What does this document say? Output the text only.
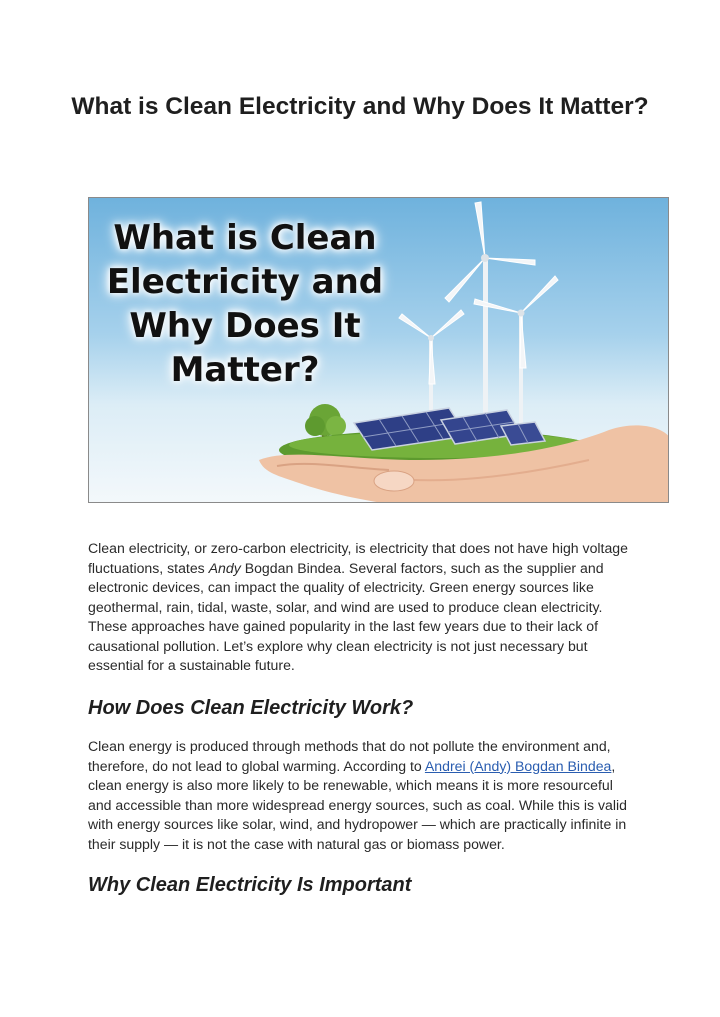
What is Clean Electricity and Why Does It Matter?
What is Clean
Electricity and
Why Does It
Matter?

Clean electricity, or zero-carbon electricity, is electricity that does not have high voltage fluctuations, states Andy Bogdan Bindea. Several factors, such as the supplier and electronic devices, can impact the quality of electricity. Green energy sources like geothermal, rain, tidal, waste, solar, and wind are used to produce clean electricity. These approaches have gained popularity in the last few years due to their lack of causational pollution. Let’s explore why clean electricity is not just necessary but essential for a sustainable future.

How Does Clean Electricity Work?

Clean energy is produced through methods that do not pollute the environment and, therefore, do not lead to global warming. According to Andrei (Andy) Bogdan Bindea, clean energy is also more likely to be renewable, which means it is more resourceful and accessible than more widespread energy sources, such as coal. While this is valid with energy sources like solar, wind, and hydropower — which are practically infinite in their supply — it is not the case with natural gas or biomass power.

Why Clean Electricity Is Important
